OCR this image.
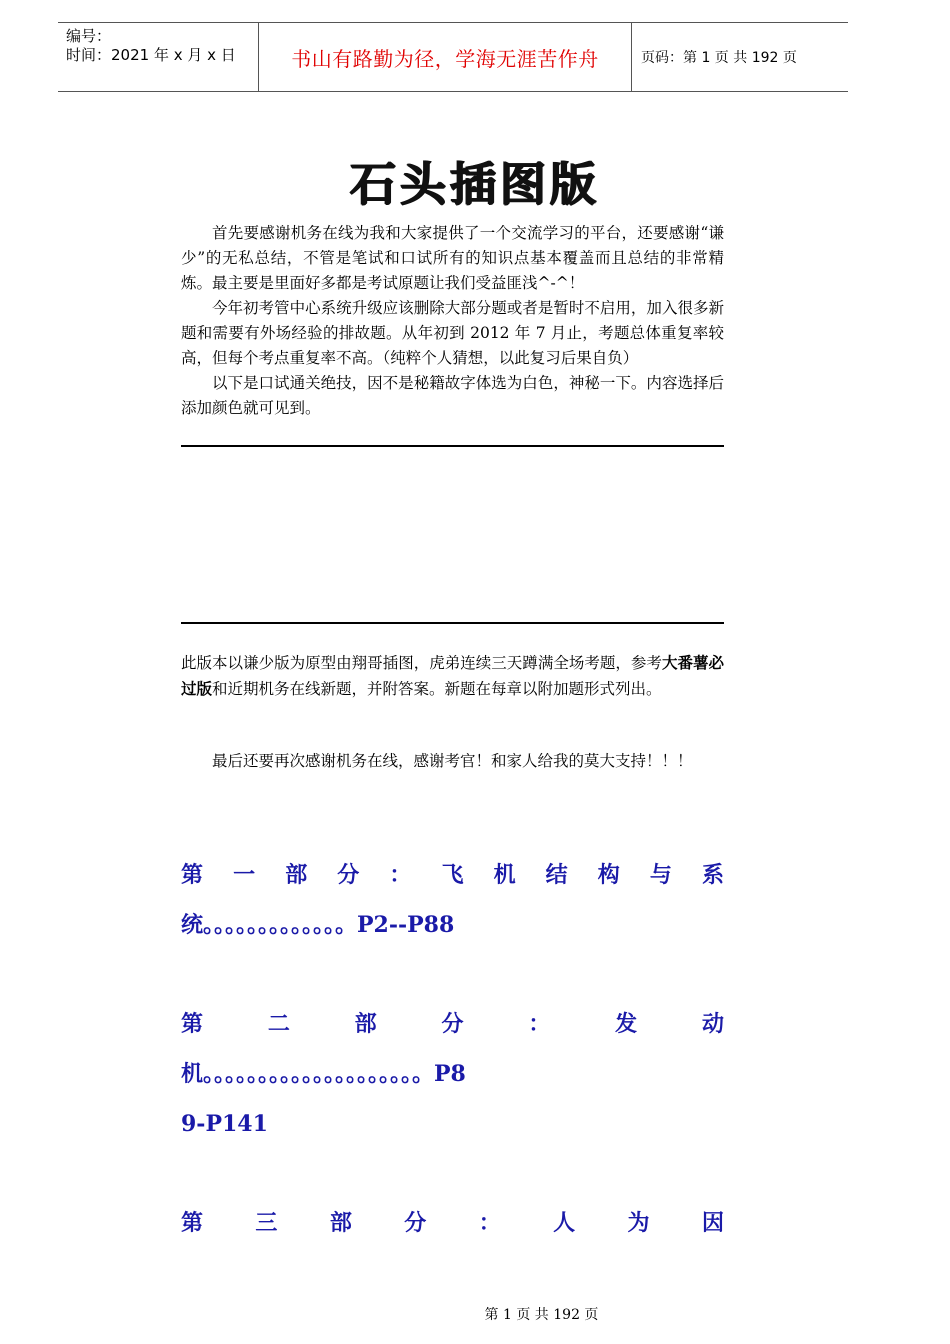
编号：
时间：2021 年 x 月 x 日	书山有路勤为径，学海无涯苦作舟	页码：第 1 页 共 192 页
石头插图版

首先要感谢机务在线为我和大家提供了一个交流学习的平台，还要感谢“谦少”的无私总结，不管是笔试和口试所有的知识点基本覆盖而且总结的非常精炼。最主要是里面好多都是考试原题让我们受益匪浅^-^！

今年初考管中心系统升级应该删除大部分题或者是暂时不启用，加入很多新题和需要有外场经验的排故题。从年初到 2012 年 7 月止，考题总体重复率较高，但每个考点重复率不高。（纯粹个人猜想，以此复习后果自负）

以下是口试通关绝技，因不是秘籍故字体选为白色，神秘一下。内容选择后添加颜色就可见到。

此版本以谦少版为原型由翔哥插图，虎弟连续三天蹲满全场考题，参考大番薯必过版和近期机务在线新题，并附答案。新题在每章以附加题形式列出。

最后还要再次感谢机务在线，感谢考官！和家人给我的莫大支持！！！

第 一 部 分 ： 飞 机 结 构 与 系
统。。。。。。。。。。。。。P2--P88
第	二	部	分	：	发	动
机。。。。。。。。。。。。。。。。。。。。P8
9-P141
第 三 部 分 ： 人 为 因
第 1 页 共 192 页
